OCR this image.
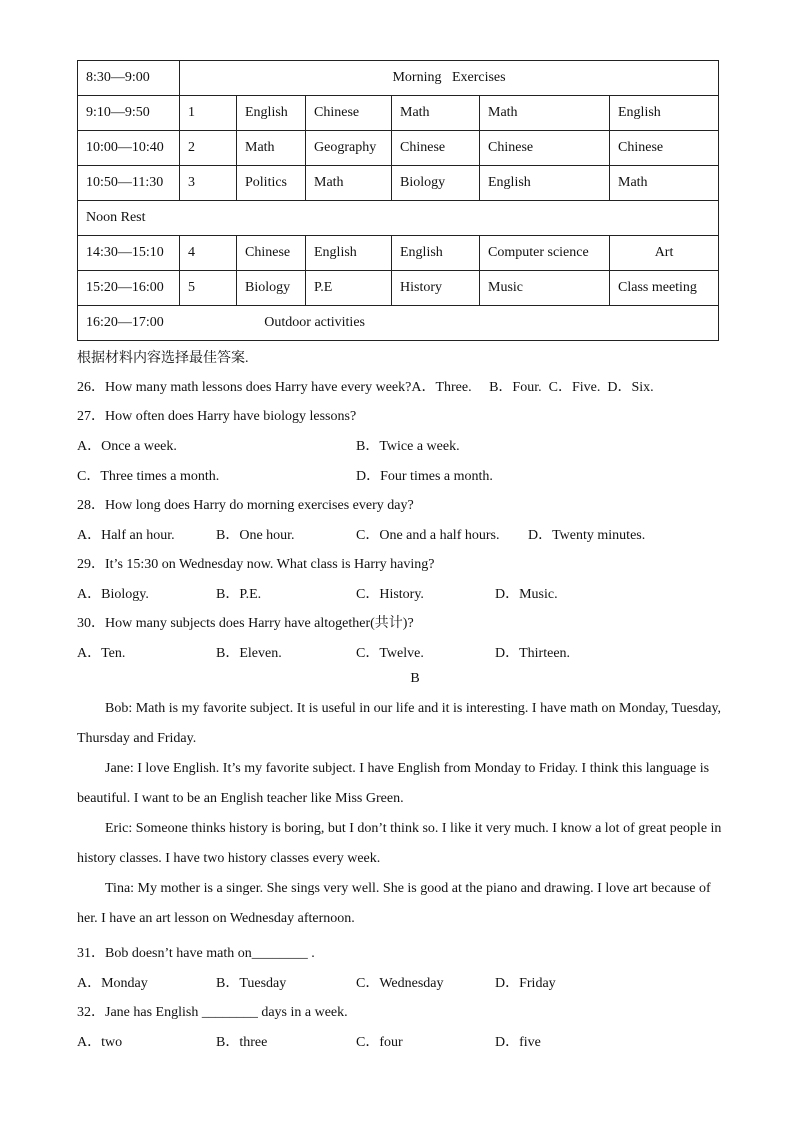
8:30—9:00	Morning   Exercises					
9:10—9:50	1	English	Chinese	Math	Math	English
10:00—10:40	2	Math	Geography	Chinese	Chinese	Chinese
10:50—11:30	3	Politics	Math	Biology	English	Math
Noon Rest						
14:30—15:10	4	Chinese	English	English	Computer science	Art
15:20—16:00	5	Biology	P.E	History	Music	Class meeting
16:20—17:00 Outdoor activities						
根据材料内容选择最佳答案.
26．How many math lessons does Harry have every week?A．Three.     B．Four.  C．Five.  D．Six.
27．How often does Harry have biology lessons?
A．Once a week.	B．Twice a week.
C．Three times a month.	D．Four times a month.
28．How long does Harry do morning exercises every day?
A．Half an hour.	B．One hour.	C．One and a half hours. D．Twenty minutes.
29．It’s 15:30 on Wednesday now. What class is Harry having?
A．Biology.	B．P.E.	C．History.	D．Music.
30．How many subjects does Harry have altogether(共计)?
A．Ten.	B．Eleven.	C．Twelve.	D．Thirteen.
B
Bob: Math is my favorite subject. It is useful in our life and it is interesting. I have math on Monday, Tuesday, Thursday and Friday.
Jane: I love English. It’s my favorite subject. I have English from Monday to Friday. I think this language is beautiful. I want to be an English teacher like Miss Green.
Eric: Someone thinks history is boring, but I don’t think so. I like it very much. I know a lot of great people in history classes. I have two history classes every week.
Tina: My mother is a singer. She sings very well. She is good at the piano and drawing. I love art because of her. I have an art lesson on Wednesday afternoon.
31．Bob doesn’t have math on________ .
A．Monday	B．Tuesday	C．Wednesday	D．Friday
32．Jane has English ________ days in a week.
A．two	B．three	C．four	D．five
